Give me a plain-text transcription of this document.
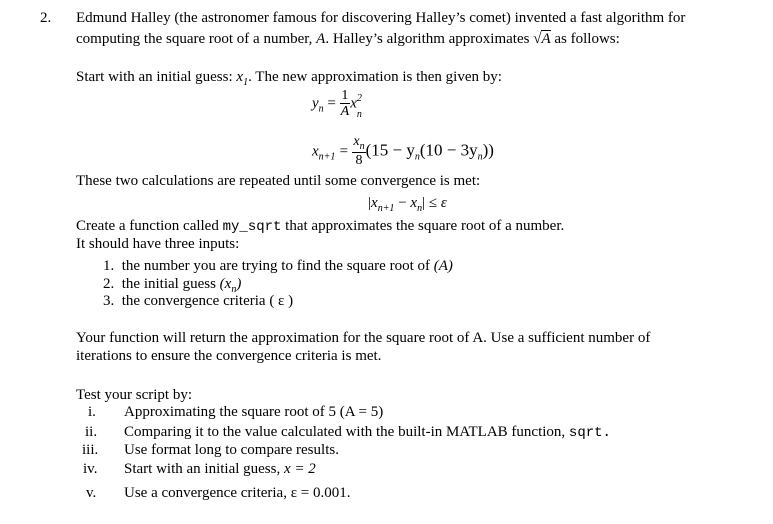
2. Edmund Halley (the astronomer famous for discovering Halley’s comet) invented a fast algorithm for
computing the square root of a number, A. Halley’s algorithm approximates √A as follows:
Start with an initial guess: $x_1$. The new approximation is then given by:
$y_n = \frac{1}{A}$ x 2
n
$x_{n+1} = \frac{x_n}{8} (15 - y_n(10 - 3y_n))$
These two calculations are repeated until some convergence is met:
$|x_{n+1} - x_n| \le \varepsilon$
Create a function called my_sqrt that approximates the square root of a number.
It should have three inputs:
1. the number you are trying to find the square root of (A)
2. the initial guess $(x_n)$
3. the convergence criteria ( ε )
Your function will return the approximation for the square root of A. Use a sufficient number of
iterations to ensure the convergence criteria is met.
Test your script by:
i. Approximating the square root of 5 (A = 5)
ii. Comparing it to the value calculated with the built-in MATLAB function, sqrt.
iii. Use format long to compare results.
iv. Start with an initial guess, x = 2
v. Use a convergence criteria, ε = 0.001.
